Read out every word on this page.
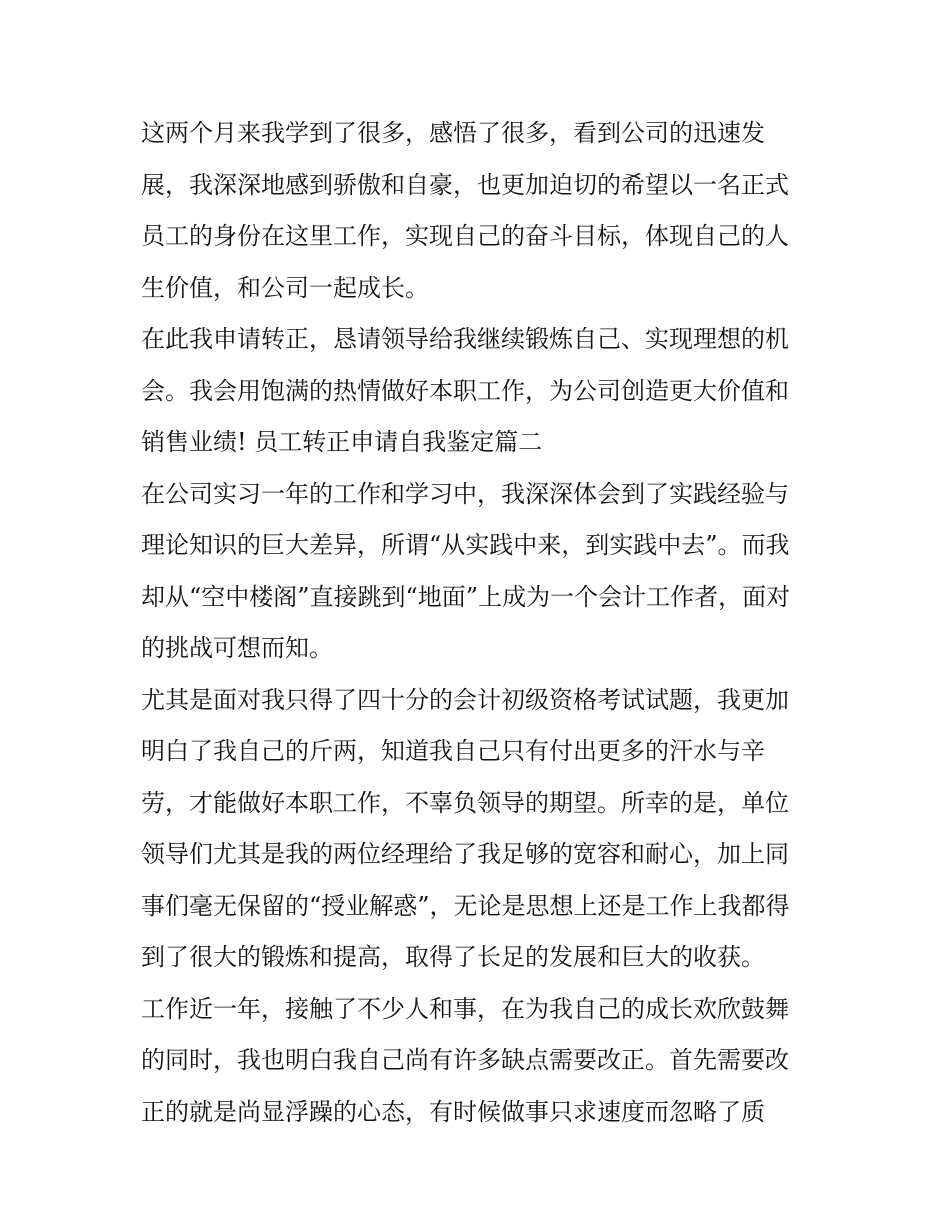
这两个月来我学到了很多，感悟了很多，看到公司的迅速发
展，我深深地感到骄傲和自豪，也更加迫切的希望以一名正式
员工的身份在这里工作，实现自己的奋斗目标，体现自己的人
生价值，和公司一起成长。
在此我申请转正，恳请领导给我继续锻炼自己、实现理想的机
会。我会用饱满的热情做好本职工作，为公司创造更大价值和
销售业绩! 员工转正申请自我鉴定篇二
在公司实习一年的工作和学习中，我深深体会到了实践经验与
理论知识的巨大差异，所谓“从实践中来，到实践中去”。而我
却从“空中楼阁”直接跳到“地面”上成为一个会计工作者，面对
的挑战可想而知。
尤其是面对我只得了四十分的会计初级资格考试试题，我更加
明白了我自己的斤两，知道我自己只有付出更多的汗水与辛
劳，才能做好本职工作，不辜负领导的期望。所幸的是，单位
领导们尤其是我的两位经理给了我足够的宽容和耐心，加上同
事们毫无保留的“授业解惑”，无论是思想上还是工作上我都得
到了很大的锻炼和提高，取得了长足的发展和巨大的收获。
工作近一年，接触了不少人和事，在为我自己的成长欢欣鼓舞
的同时，我也明白我自己尚有许多缺点需要改正。首先需要改
正的就是尚显浮躁的心态，有时候做事只求速度而忽略了质
